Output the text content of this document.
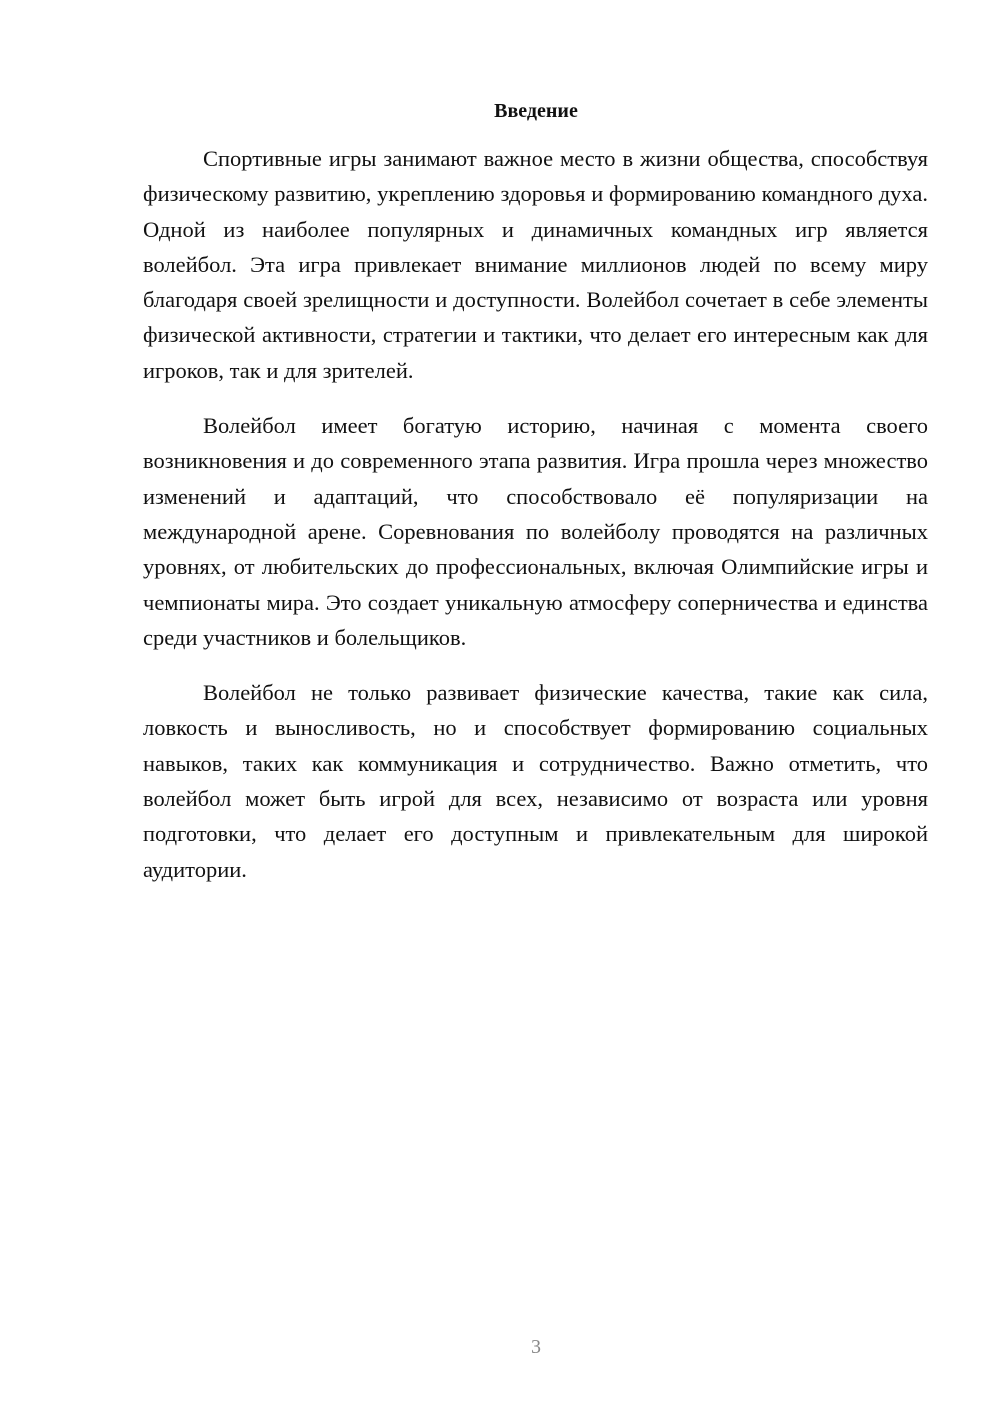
Введение

Спортивные игры занимают важное место в жизни общества, способствуя физическому развитию, укреплению здоровья и формированию командного духа. Одной из наиболее популярных и динамичных командных игр является волейбол. Эта игра привлекает внимание миллионов людей по всему миру благодаря своей зрелищности и доступности. Волейбол сочетает в себе элементы физической активности, стратегии и тактики, что делает его интересным как для игроков, так и для зрителей.

Волейбол имеет богатую историю, начиная с момента своего возникновения и до современного этапа развития. Игра прошла через множество изменений и адаптаций, что способствовало её популяризации на международной арене. Соревнования по волейболу проводятся на различных уровнях, от любительских до профессиональных, включая Олимпийские игры и чемпионаты мира. Это создает уникальную атмосферу соперничества и единства среди участников и болельщиков.

Волейбол не только развивает физические качества, такие как сила, ловкость и выносливость, но и способствует формированию социальных навыков, таких как коммуникация и сотрудничество. Важно отметить, что волейбол может быть игрой для всех, независимо от возраста или уровня подготовки, что делает его доступным и привлекательным для широкой аудитории.

3
